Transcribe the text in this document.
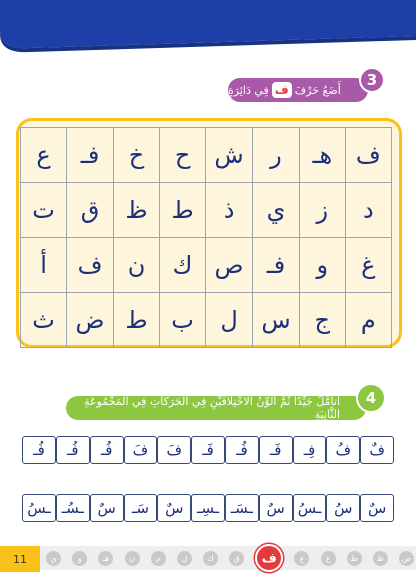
أَضَعُ حَرْفَ
ف
فِي دَائِرَةٍ
3
ف	هـ	ر	ش	ح	خ	فـ	ع
د	ز	ي	ذ	ط	ظ	ق	ت
غ	و	فـ	ص	ك	ن	ف	أ
م	ج	س	ل	ب	ط	ض	ث
أَتأَمَّلُ جَيِّدًا ثُمَّ أُلَوِّنُ الاخْتِلافَيْنِ فِي الْحَرَكَاتِ فِي الْمَجْمُوعَةِ الثَّانِيَةِ
4
فٌ
فُ
فِـ
فَـ
فُـ
فَـ
فَ
فَ
فُـ
فُـ
فُـ
سٌ
سُ
ـسُ
سٌ
ـسَـ
ـسِـ
سٌ
سَـ
سٌ
ـسُـ
ـسُ
11	ص
ظ
ط
غ
ع
ف
ق
ك
ل
م
ن
هـ
و
ي
